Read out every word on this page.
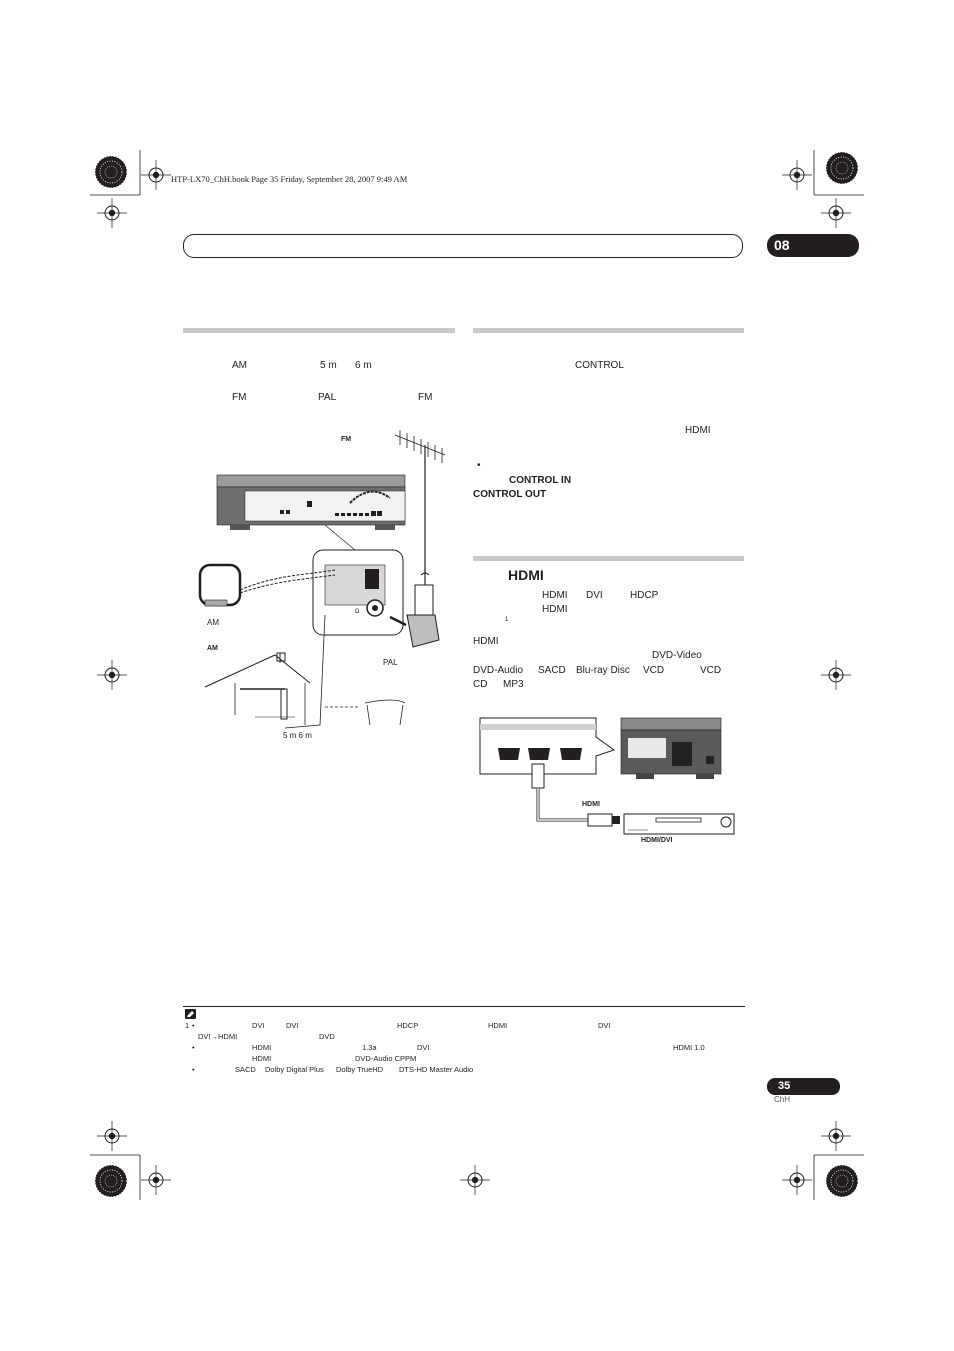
HTP-LX70_ChH.book Page 35 Friday, September 28, 2007 9:49 AM
08
AM	5 m 6 m
FM	PAL	FM
FM
AM
AM
PAL
5 m 6 m
Ω
CONTROL
HDMI
•
CONTROL IN
CONTROL OUT
HDMI
HDMI DVI	HDCP
HDMI
1
HDMI
DVD-Video
DVD-Audio SACD Blu-ray Disc VCD	VCD
CD MP3
HDMI
HDMI/DVI
1 •	DVI	DVI	HDCP	HDMI	DVI
DVI→HDMI	DVD
•	HDMI	1.3a	DVI	HDMI 1.0
HDMI	DVD-Audio CPPM
•	SACD Dolby Digital Plus Dolby TrueHD DTS-HD Master Audio
35
ChH
